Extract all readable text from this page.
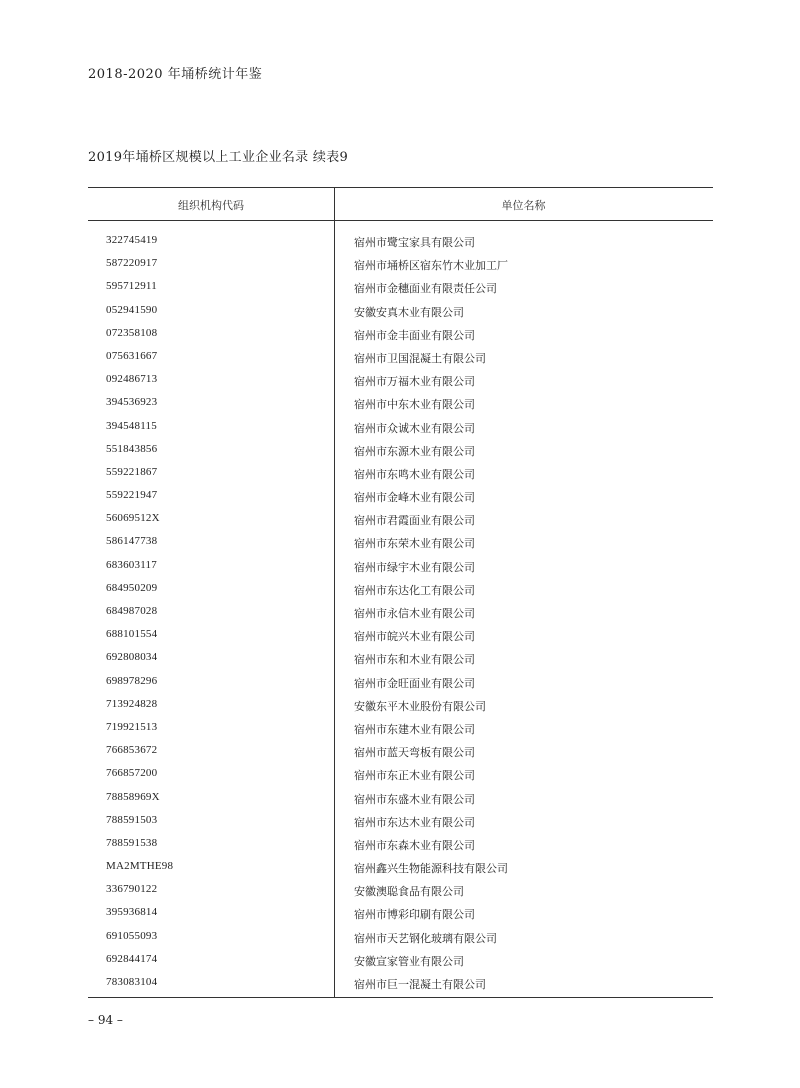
2018-2020 年埇桥统计年鉴
2019年埇桥区规模以上工业企业名录 续表9
组织机构代码	单位名称
322745419	宿州市鹭宝家具有限公司
587220917	宿州市埇桥区宿东竹木业加工厂
595712911	宿州市金穗面业有限责任公司
052941590	安徽安真木业有限公司
072358108	宿州市金丰面业有限公司
075631667	宿州市卫国混凝土有限公司
092486713	宿州市万福木业有限公司
394536923	宿州市中东木业有限公司
394548115	宿州市众诚木业有限公司
551843856	宿州市东源木业有限公司
559221867	宿州市东鸣木业有限公司
559221947	宿州市金峰木业有限公司
56069512X	宿州市君霞面业有限公司
586147738	宿州市东荣木业有限公司
683603117	宿州市绿宇木业有限公司
684950209	宿州市东达化工有限公司
684987028	宿州市永信木业有限公司
688101554	宿州市皖兴木业有限公司
692808034	宿州市东和木业有限公司
698978296	宿州市金旺面业有限公司
713924828	安徽东平木业股份有限公司
719921513	宿州市东建木业有限公司
766853672	宿州市蓝天弯板有限公司
766857200	宿州市东正木业有限公司
78858969X	宿州市东盛木业有限公司
788591503	宿州市东达木业有限公司
788591538	宿州市东森木业有限公司
MA2MTHE98	宿州鑫兴生物能源科技有限公司
336790122	安徽澳聪食品有限公司
395936814	宿州市博彩印刷有限公司
691055093	宿州市天艺钢化玻璃有限公司
692844174	安徽宣家管业有限公司
783083104	宿州市巨一混凝土有限公司
– 94 –
